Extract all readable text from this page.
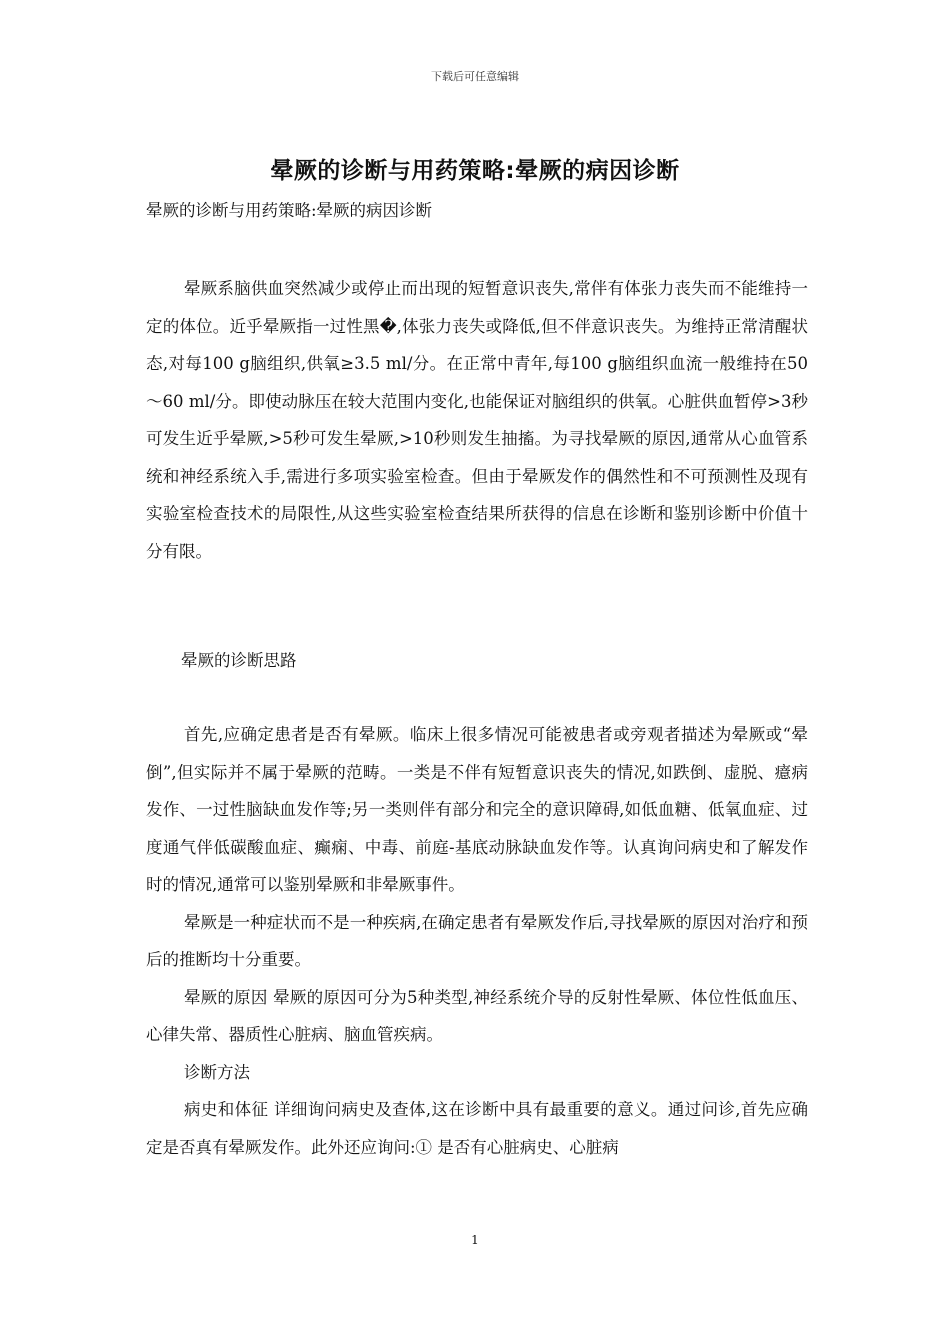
下载后可任意编辑
晕厥的诊断与用药策略:晕厥的病因诊断
晕厥的诊断与用药策略:晕厥的病因诊断

晕厥系脑供血突然减少或停止而出现的短暂意识丧失,常伴有体张力丧失而不能维持一定的体位。近乎晕厥指一过性黑�,体张力丧失或降低,但不伴意识丧失。为维持正常清醒状态,对每100 g脑组织,供氧≥3.5 ml/分。在正常中青年,每100 g脑组织血流一般维持在50～60 ml/分。即使动脉压在较大范围内变化,也能保证对脑组织的供氧。心脏供血暂停>3秒可发生近乎晕厥,>5秒可发生晕厥,>10秒则发生抽搐。为寻找晕厥的原因,通常从心血管系统和神经系统入手,需进行多项实验室检查。但由于晕厥发作的偶然性和不可预测性及现有实验室检查技术的局限性,从这些实验室检查结果所获得的信息在诊断和鉴别诊断中价值十分有限。

晕厥的诊断思路

首先,应确定患者是否有晕厥。临床上很多情况可能被患者或旁观者描述为晕厥或“晕倒”,但实际并不属于晕厥的范畴。一类是不伴有短暂意识丧失的情况,如跌倒、虚脱、癔病发作、一过性脑缺血发作等;另一类则伴有部分和完全的意识障碍,如低血糖、低氧血症、过度通气伴低碳酸血症、癫痫、中毒、前庭-基底动脉缺血发作等。认真询问病史和了解发作时的情况,通常可以鉴别晕厥和非晕厥事件。

晕厥是一种症状而不是一种疾病,在确定患者有晕厥发作后,寻找晕厥的原因对治疗和预后的推断均十分重要。

晕厥的原因 晕厥的原因可分为5种类型,神经系统介导的反射性晕厥、体位性低血压、心律失常、器质性心脏病、脑血管疾病。

诊断方法

病史和体征 详细询问病史及查体,这在诊断中具有最重要的意义。通过问诊,首先应确定是否真有晕厥发作。此外还应询问:① 是否有心脏病史、心脏病

1
